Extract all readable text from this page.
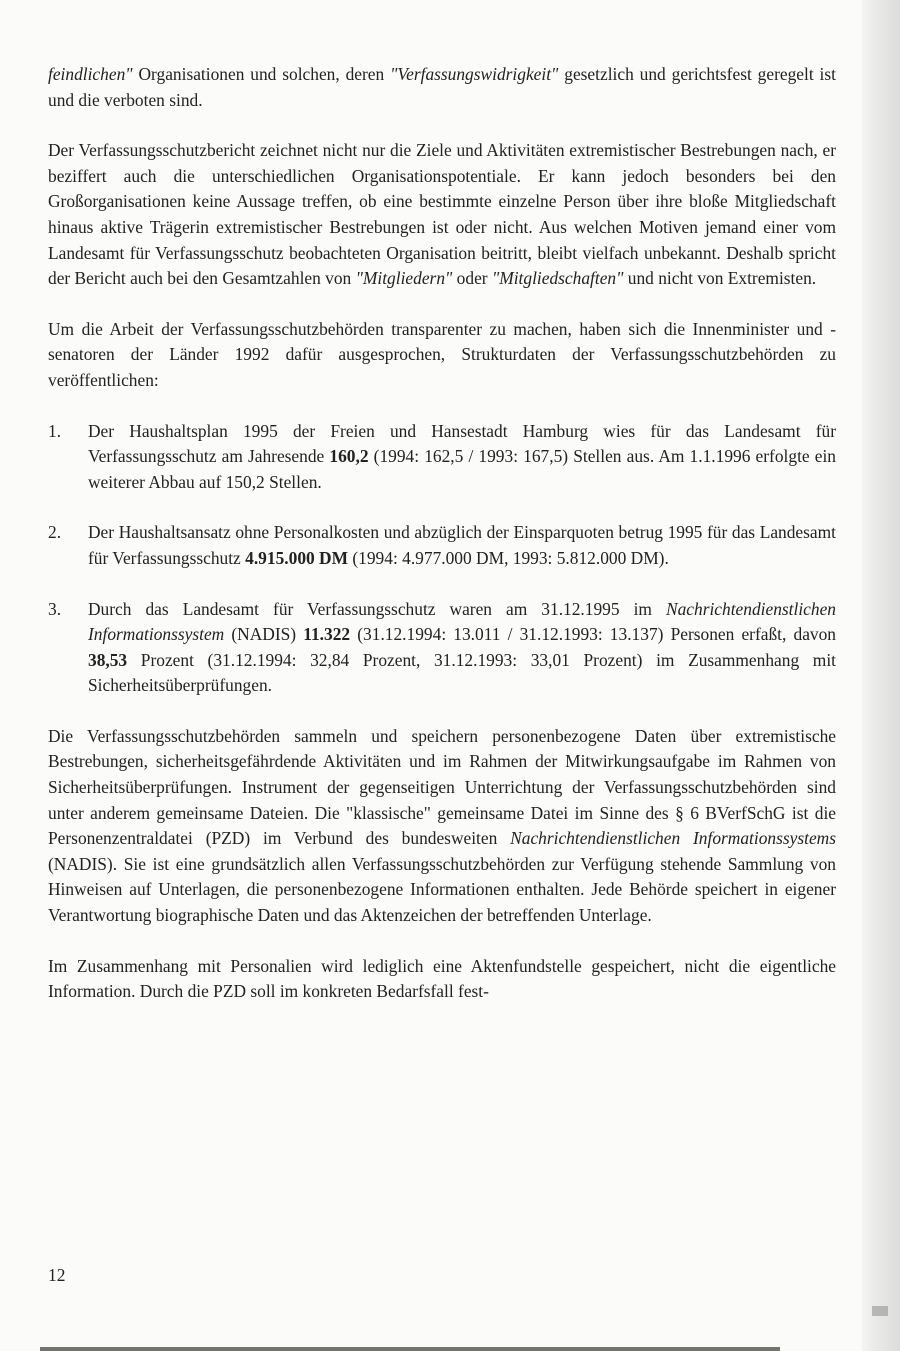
feindlichen" Organisationen und solchen, deren "Verfassungswidrigkeit" gesetzlich und gerichtsfest geregelt ist und die verboten sind.

Der Verfassungsschutzbericht zeichnet nicht nur die Ziele und Aktivitäten extremistischer Bestrebungen nach, er beziffert auch die unterschiedlichen Organisationspotentiale. Er kann jedoch besonders bei den Großorganisationen keine Aussage treffen, ob eine bestimmte einzelne Person über ihre bloße Mitgliedschaft hinaus aktive Trägerin extremistischer Bestrebungen ist oder nicht. Aus welchen Motiven jemand einer vom Landesamt für Verfassungsschutz beobachteten Organisation beitritt, bleibt vielfach unbekannt. Deshalb spricht der Bericht auch bei den Gesamtzahlen von "Mitgliedern" oder "Mitgliedschaften" und nicht von Extremisten.

Um die Arbeit der Verfassungsschutzbehörden transparenter zu machen, haben sich die Innenminister und -senatoren der Länder 1992 dafür ausgesprochen, Strukturdaten der Verfassungsschutzbehörden zu veröffentlichen:

1. Der Haushaltsplan 1995 der Freien und Hansestadt Hamburg wies für das Landesamt für Verfassungsschutz am Jahresende 160,2 (1994: 162,5 / 1993: 167,5) Stellen aus. Am 1.1.1996 erfolgte ein weiterer Abbau auf 150,2 Stellen.
2. Der Haushaltsansatz ohne Personalkosten und abzüglich der Einsparquoten betrug 1995 für das Landesamt für Verfassungsschutz 4.915.000 DM (1994: 4.977.000 DM, 1993: 5.812.000 DM).
3. Durch das Landesamt für Verfassungsschutz waren am 31.12.1995 im Nachrichtendienstlichen Informationssystem (NADIS) 11.322 (31.12.1994: 13.011 / 31.12.1993: 13.137) Personen erfaßt, davon 38,53 Prozent (31.12.1994: 32,84 Prozent, 31.12.1993: 33,01 Prozent) im Zusammenhang mit Sicherheitsüberprüfungen.

Die Verfassungsschutzbehörden sammeln und speichern personenbezogene Daten über extremistische Bestrebungen, sicherheitsgefährdende Aktivitäten und im Rahmen der Mitwirkungsaufgabe im Rahmen von Sicherheitsüberprüfungen. Instrument der gegenseitigen Unterrichtung der Verfassungsschutzbehörden sind unter anderem gemeinsame Dateien. Die "klassische" gemeinsame Datei im Sinne des § 6 BVerfSchG ist die Personenzentraldatei (PZD) im Verbund des bundesweiten Nachrichtendienstlichen Informationssystems (NADIS). Sie ist eine grundsätzlich allen Verfassungsschutzbehörden zur Verfügung stehende Sammlung von Hinweisen auf Unterlagen, die personenbezogene Informationen enthalten. Jede Behörde speichert in eigener Verantwortung biographische Daten und das Aktenzeichen der betreffenden Unterlage.

Im Zusammenhang mit Personalien wird lediglich eine Aktenfundstelle gespeichert, nicht die eigentliche Information. Durch die PZD soll im konkreten Bedarfsfall fest-

12
